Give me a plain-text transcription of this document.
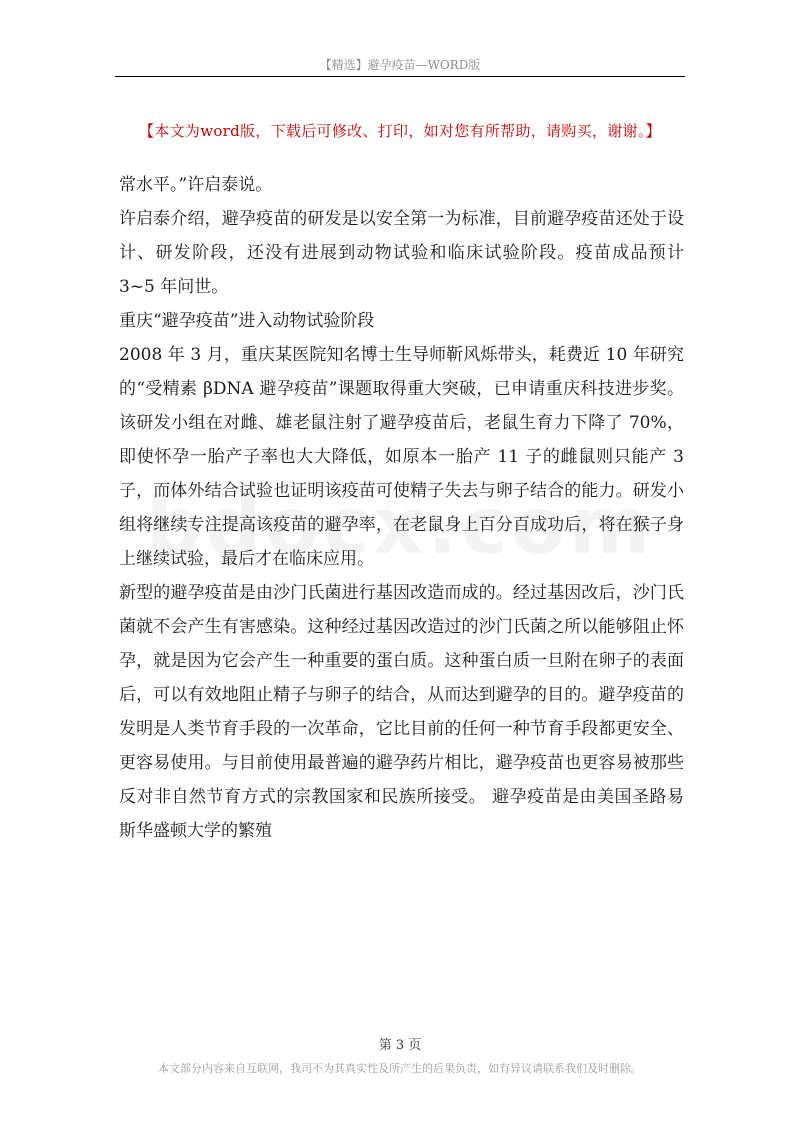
【精选】避孕疫苗—WORD版
【本文为word版，下载后可修改、打印，如对您有所帮助，请购买，谢谢。】

常水平。”许启泰说。

许启泰介绍，避孕疫苗的研发是以安全第一为标准，目前避孕疫苗还处于设计、研发阶段，还没有进展到动物试验和临床试验阶段。疫苗成品预计 3~5 年问世。

重庆“避孕疫苗”进入动物试验阶段

2008 年 3 月，重庆某医院知名博士生导师靳风烁带头，耗费近 10 年研究的“受精素 βDNA 避孕疫苗”课题取得重大突破，已申请重庆科技进步奖。该研发小组在对雌、雄老鼠注射了避孕疫苗后，老鼠生育力下降了 70%，即使怀孕一胎产子率也大大降低，如原本一胎产 11 子的雌鼠则只能产 3 子，而体外结合试验也证明该疫苗可使精子失去与卵子结合的能力。研发小组将继续专注提高该疫苗的避孕率，在老鼠身上百分百成功后，将在猴子身上继续试验，最后才在临床应用。

新型的避孕疫苗是由沙门氏菌进行基因改造而成的。经过基因改后，沙门氏菌就不会产生有害感染。这种经过基因改造过的沙门氏菌之所以能够阻止怀孕，就是因为它会产生一种重要的蛋白质。这种蛋白质一旦附在卵子的表面后，可以有效地阻止精子与卵子的结合，从而达到避孕的目的。避孕疫苗的发明是人类节育手段的一次革命，它比目前的任何一种节育手段都更安全、更容易使用。与目前使用最普遍的避孕药片相比，避孕疫苗也更容易被那些反对非自然节育方式的宗教国家和民族所接受。 避孕疫苗是由美国圣路易斯华盛顿大学的繁殖

第 3 页
本文部分内容来自互联网，我司不为其真实性及所产生的后果负责，如有异议请联系我们及时删除。
